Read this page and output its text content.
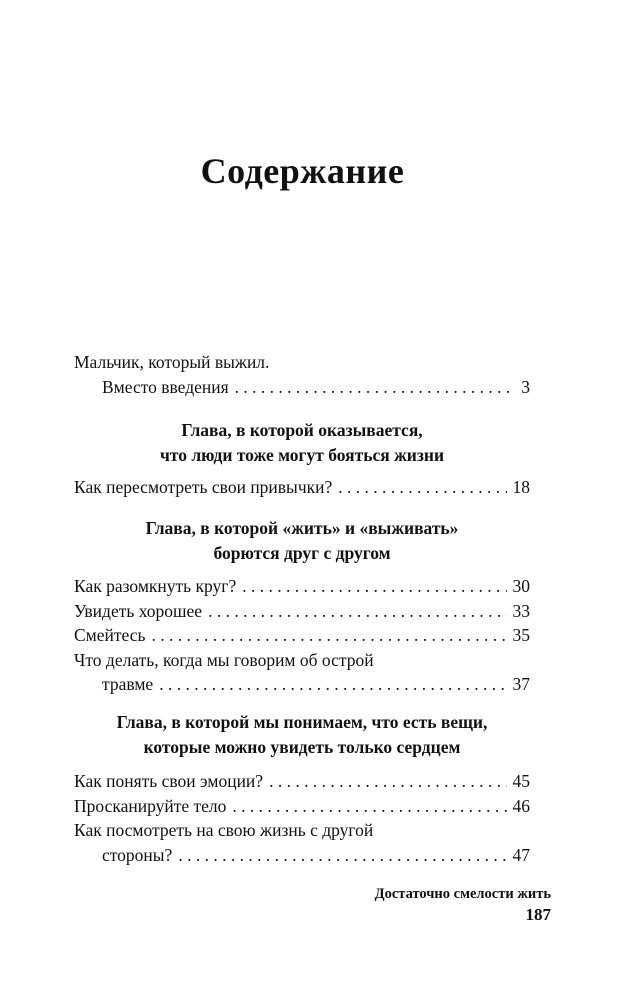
Содержание
Мальчик, который выжил.
Вместо введения . . .	3
Глава, в которой оказывается,
что люди тоже могут бояться жизни
Как пересмотреть свои привычки? . . .	18
Глава, в которой «жить» и «выживать»
борются друг с другом
Как разомкнуть круг? . . .	30
Увидеть хорошее . . .	33
Смейтесь . . .	35
Что делать, когда мы говорим об острой
травме . . .	37
Глава, в которой мы понимаем, что есть вещи,
которые можно увидеть только сердцем
Как понять свои эмоции? . . .	45
Просканируйте тело . . .	46
Как посмотреть на свою жизнь с другой
стороны? . . .	47
Достаточно смелости жить
187
